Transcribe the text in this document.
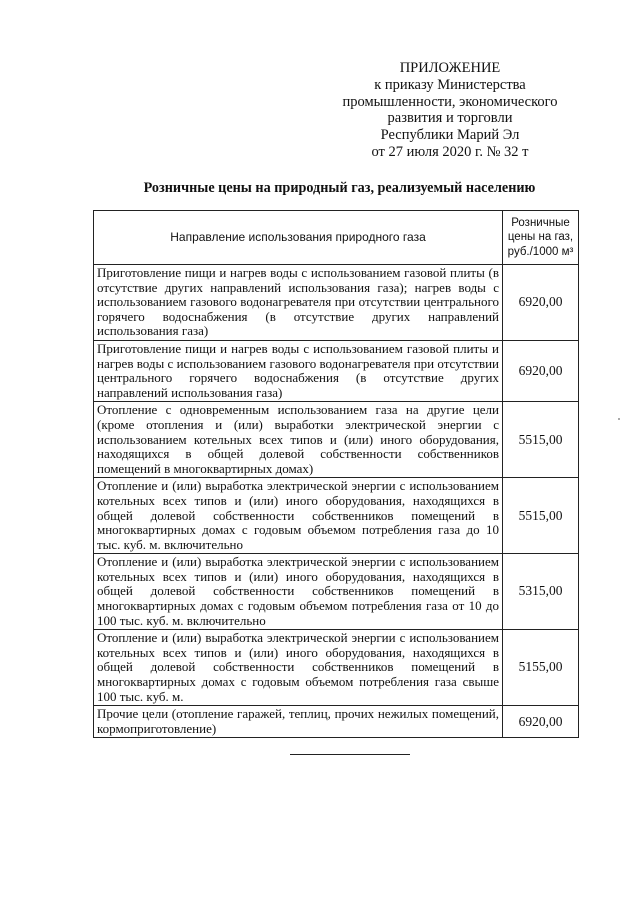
ПРИЛОЖЕНИЕ
к приказу Министерства
промышленности, экономического
развития и торговли
Республики Марий Эл
от 27 июля 2020 г. № 32 т
Розничные цены на природный газ, реализуемый населению
Направление использования природного газа	Розничные цены на газ, руб./1000 м³
Приготовление пищи и нагрев воды с использованием газовой плиты (в отсутствие других направлений использования газа); нагрев воды с использованием газового водонагревателя при отсутствии центрального горячего водоснабжения (в отсутствие других направлений использования газа)	6920,00
Приготовление пищи и нагрев воды с использованием газовой плиты и нагрев воды с использованием газового водонагревателя при отсутствии центрального горячего водоснабжения (в отсутствие других направлений использования газа)	6920,00
Отопление с одновременным использованием газа на другие цели (кроме отопления и (или) выработки электрической энергии с использованием котельных всех типов и (или) иного оборудования, находящихся в общей долевой собственности собственников помещений в многоквартирных домах)	5515,00
Отопление и (или) выработка электрической энергии с использованием котельных всех типов и (или) иного оборудования, находящихся в общей долевой собственности собственников помещений в многоквартирных домах с годовым объемом потребления газа до 10 тыс. куб. м. включительно	5515,00
Отопление и (или) выработка электрической энергии с использованием котельных всех типов и (или) иного оборудования, находящихся в общей долевой собственности собственников помещений в многоквартирных домах с годовым объемом потребления газа от 10 до 100 тыс. куб. м. включительно	5315,00
Отопление и (или) выработка электрической энергии с использованием котельных всех типов и (или) иного оборудования, находящихся в общей долевой собственности собственников помещений в многоквартирных домах с годовым объемом потребления газа свыше 100 тыс. куб. м.	5155,00
Прочие цели (отопление гаражей, теплиц, прочих нежилых помещений, кормоприготовление)	6920,00
